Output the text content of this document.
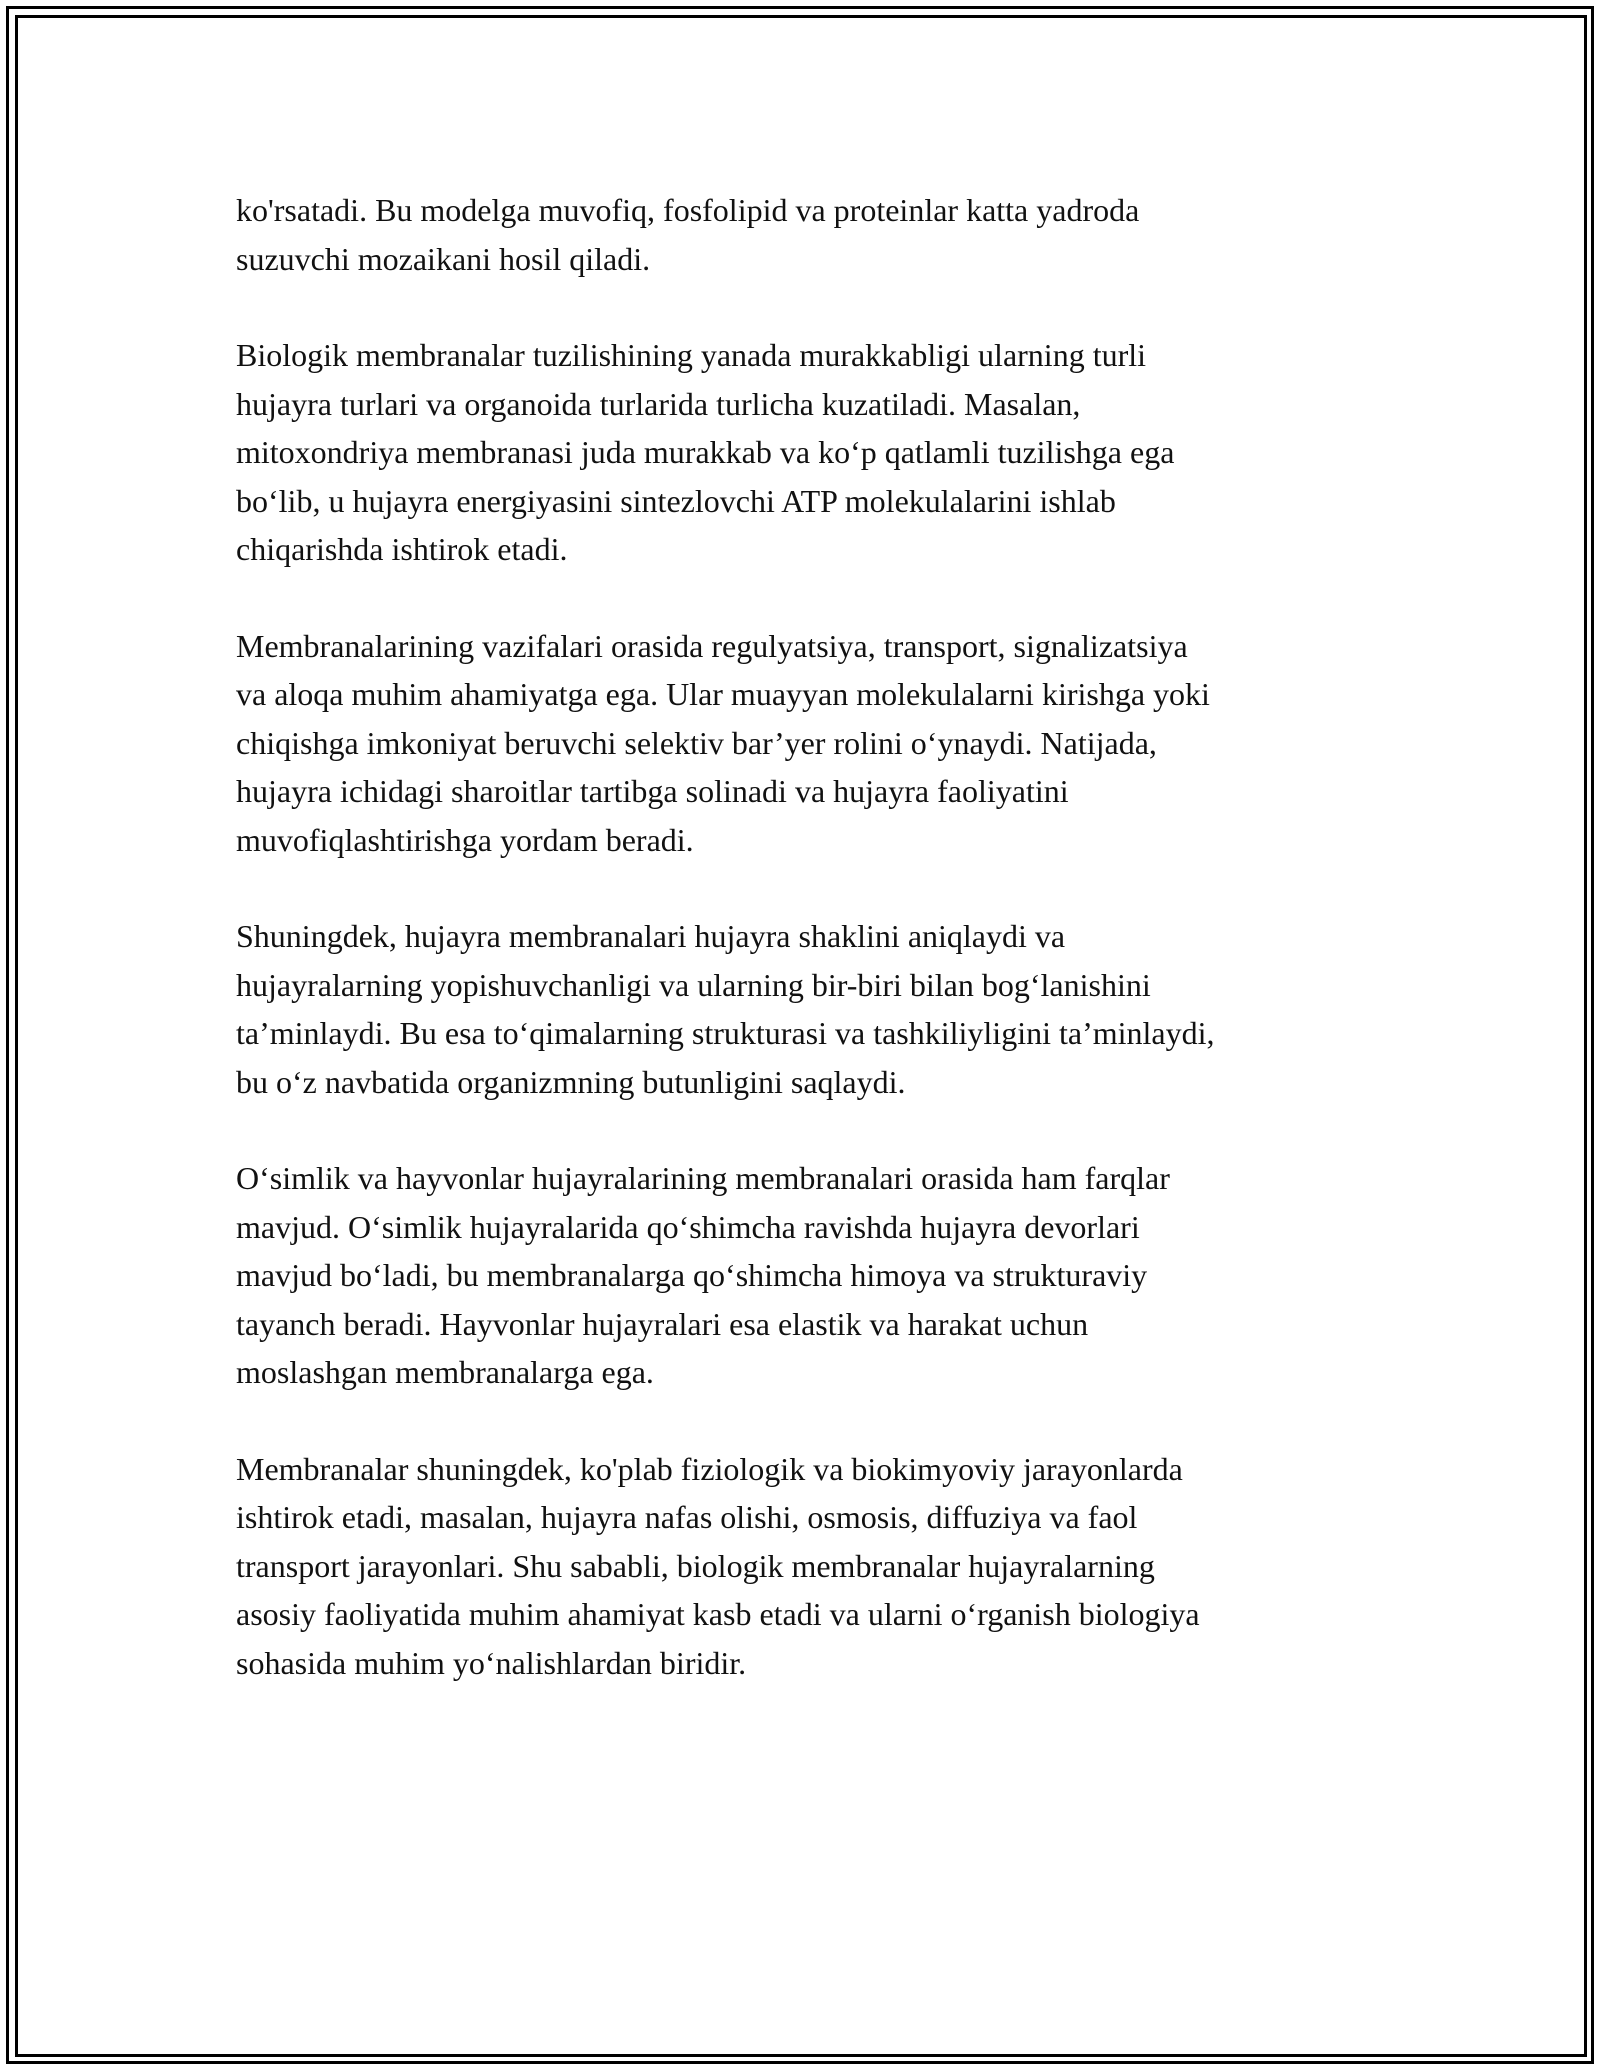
ko'rsatadi. Bu modelga muvofiq, fosfolipid va proteinlar katta yadroda
suzuvchi mozaikani hosil qiladi.

Biologik membranalar tuzilishining yanada murakkabligi ularning turli
hujayra turlari va organoida turlarida turlicha kuzatiladi. Masalan,
mitoxondriya membranasi juda murakkab va ko‘p qatlamli tuzilishga ega
bo‘lib, u hujayra energiyasini sintezlovchi ATP molekulalarini ishlab
chiqarishda ishtirok etadi.

Membranalarining vazifalari orasida regulyatsiya, transport, signalizatsiya
va aloqa muhim ahamiyatga ega. Ular muayyan molekulalarni kirishga yoki
chiqishga imkoniyat beruvchi selektiv bar’yer rolini o‘ynaydi. Natijada,
hujayra ichidagi sharoitlar tartibga solinadi va hujayra faoliyatini
muvofiqlashtirishga yordam beradi.

Shuningdek, hujayra membranalari hujayra shaklini aniqlaydi va
hujayralarning yopishuvchanligi va ularning bir-biri bilan bog‘lanishini
ta’minlaydi. Bu esa to‘qimalarning strukturasi va tashkiliyligini ta’minlaydi,
bu o‘z navbatida organizmning butunligini saqlaydi.

O‘simlik va hayvonlar hujayralarining membranalari orasida ham farqlar
mavjud. O‘simlik hujayralarida qo‘shimcha ravishda hujayra devorlari
mavjud bo‘ladi, bu membranalarga qo‘shimcha himoya va strukturaviy
tayanch beradi. Hayvonlar hujayralari esa elastik va harakat uchun
moslashgan membranalarga ega.

Membranalar shuningdek, ko'plab fiziologik va biokimyoviy jarayonlarda
ishtirok etadi, masalan, hujayra nafas olishi, osmosis, diffuziya va faol
transport jarayonlari. Shu sababli, biologik membranalar hujayralarning
asosiy faoliyatida muhim ahamiyat kasb etadi va ularni o‘rganish biologiya
sohasida muhim yo‘nalishlardan biridir.
